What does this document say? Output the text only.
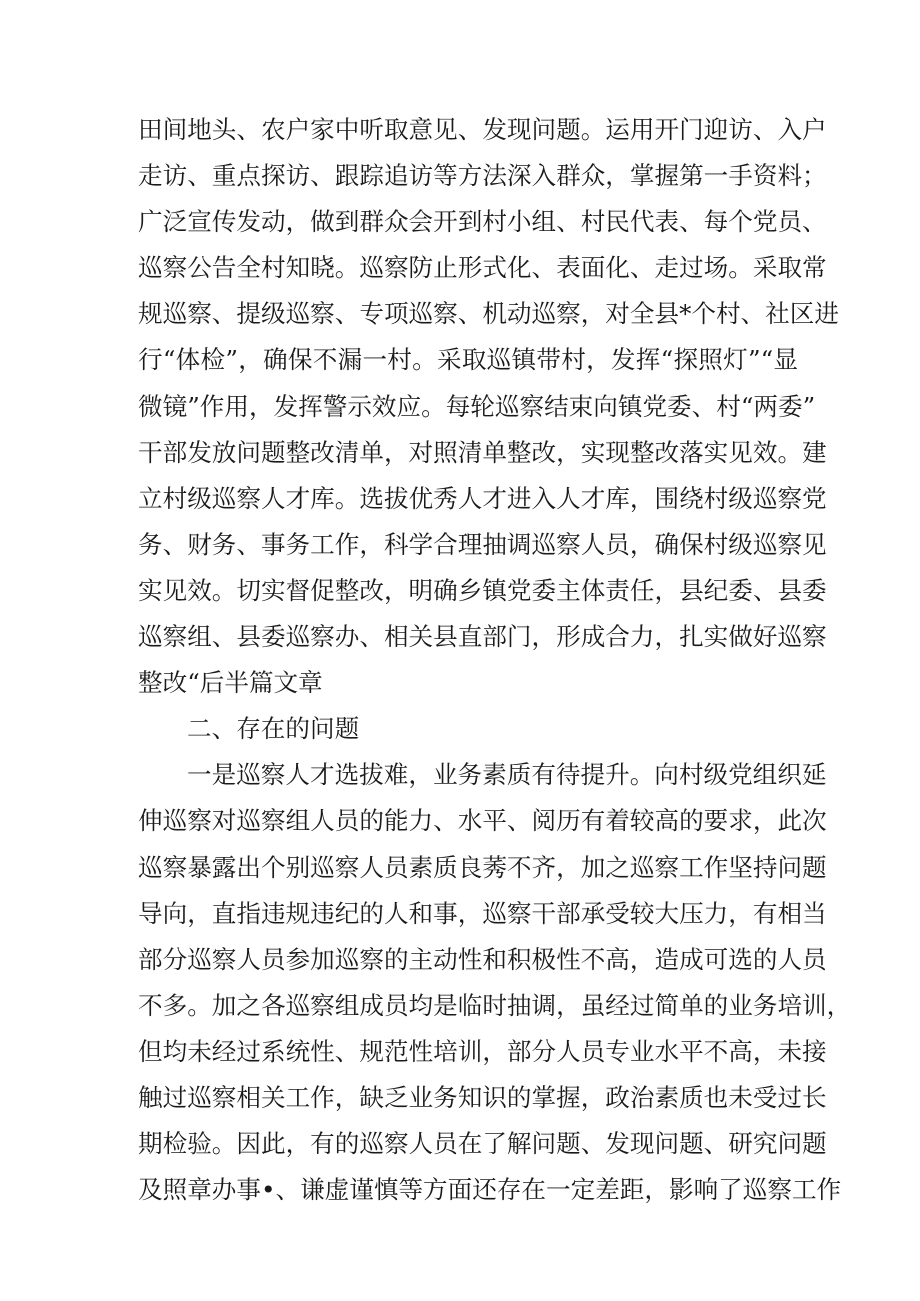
田间地头、农户家中听取意见、发现问题。运用开门迎访、入户
走访、重点探访、跟踪追访等方法深入群众，掌握第一手资料；
广泛宣传发动，做到群众会开到村小组、村民代表、每个党员、
巡察公告全村知晓。巡察防止形式化、表面化、走过场。采取常
规巡察、提级巡察、专项巡察、机动巡察，对全县*个村、社区进
行“体检”，确保不漏一村。采取巡镇带村，发挥“探照灯”“显
微镜”作用，发挥警示效应。每轮巡察结束向镇党委、村“两委”
干部发放问题整改清单，对照清单整改，实现整改落实见效。建
立村级巡察人才库。选拔优秀人才进入人才库，围绕村级巡察党
务、财务、事务工作，科学合理抽调巡察人员，确保村级巡察见
实见效。切实督促整改，明确乡镇党委主体责任，县纪委、县委
巡察组、县委巡察办、相关县直部门，形成合力，扎实做好巡察
整改“后半篇文章
二、存在的问题
一是巡察人才选拔难，业务素质有待提升。向村级党组织延
伸巡察对巡察组人员的能力、水平、阅历有着较高的要求，此次
巡察暴露出个别巡察人员素质良莠不齐，加之巡察工作坚持问题
导向，直指违规违纪的人和事，巡察干部承受较大压力，有相当
部分巡察人员参加巡察的主动性和积极性不高，造成可选的人员
不多。加之各巡察组成员均是临时抽调，虽经过简单的业务培训，
但均未经过系统性、规范性培训，部分人员专业水平不高，未接
触过巡察相关工作，缺乏业务知识的掌握，政治素质也未受过长
期检验。因此，有的巡察人员在了解问题、发现问题、研究问题
及照章办事•、谦虚谨慎等方面还存在一定差距，影响了巡察工作
